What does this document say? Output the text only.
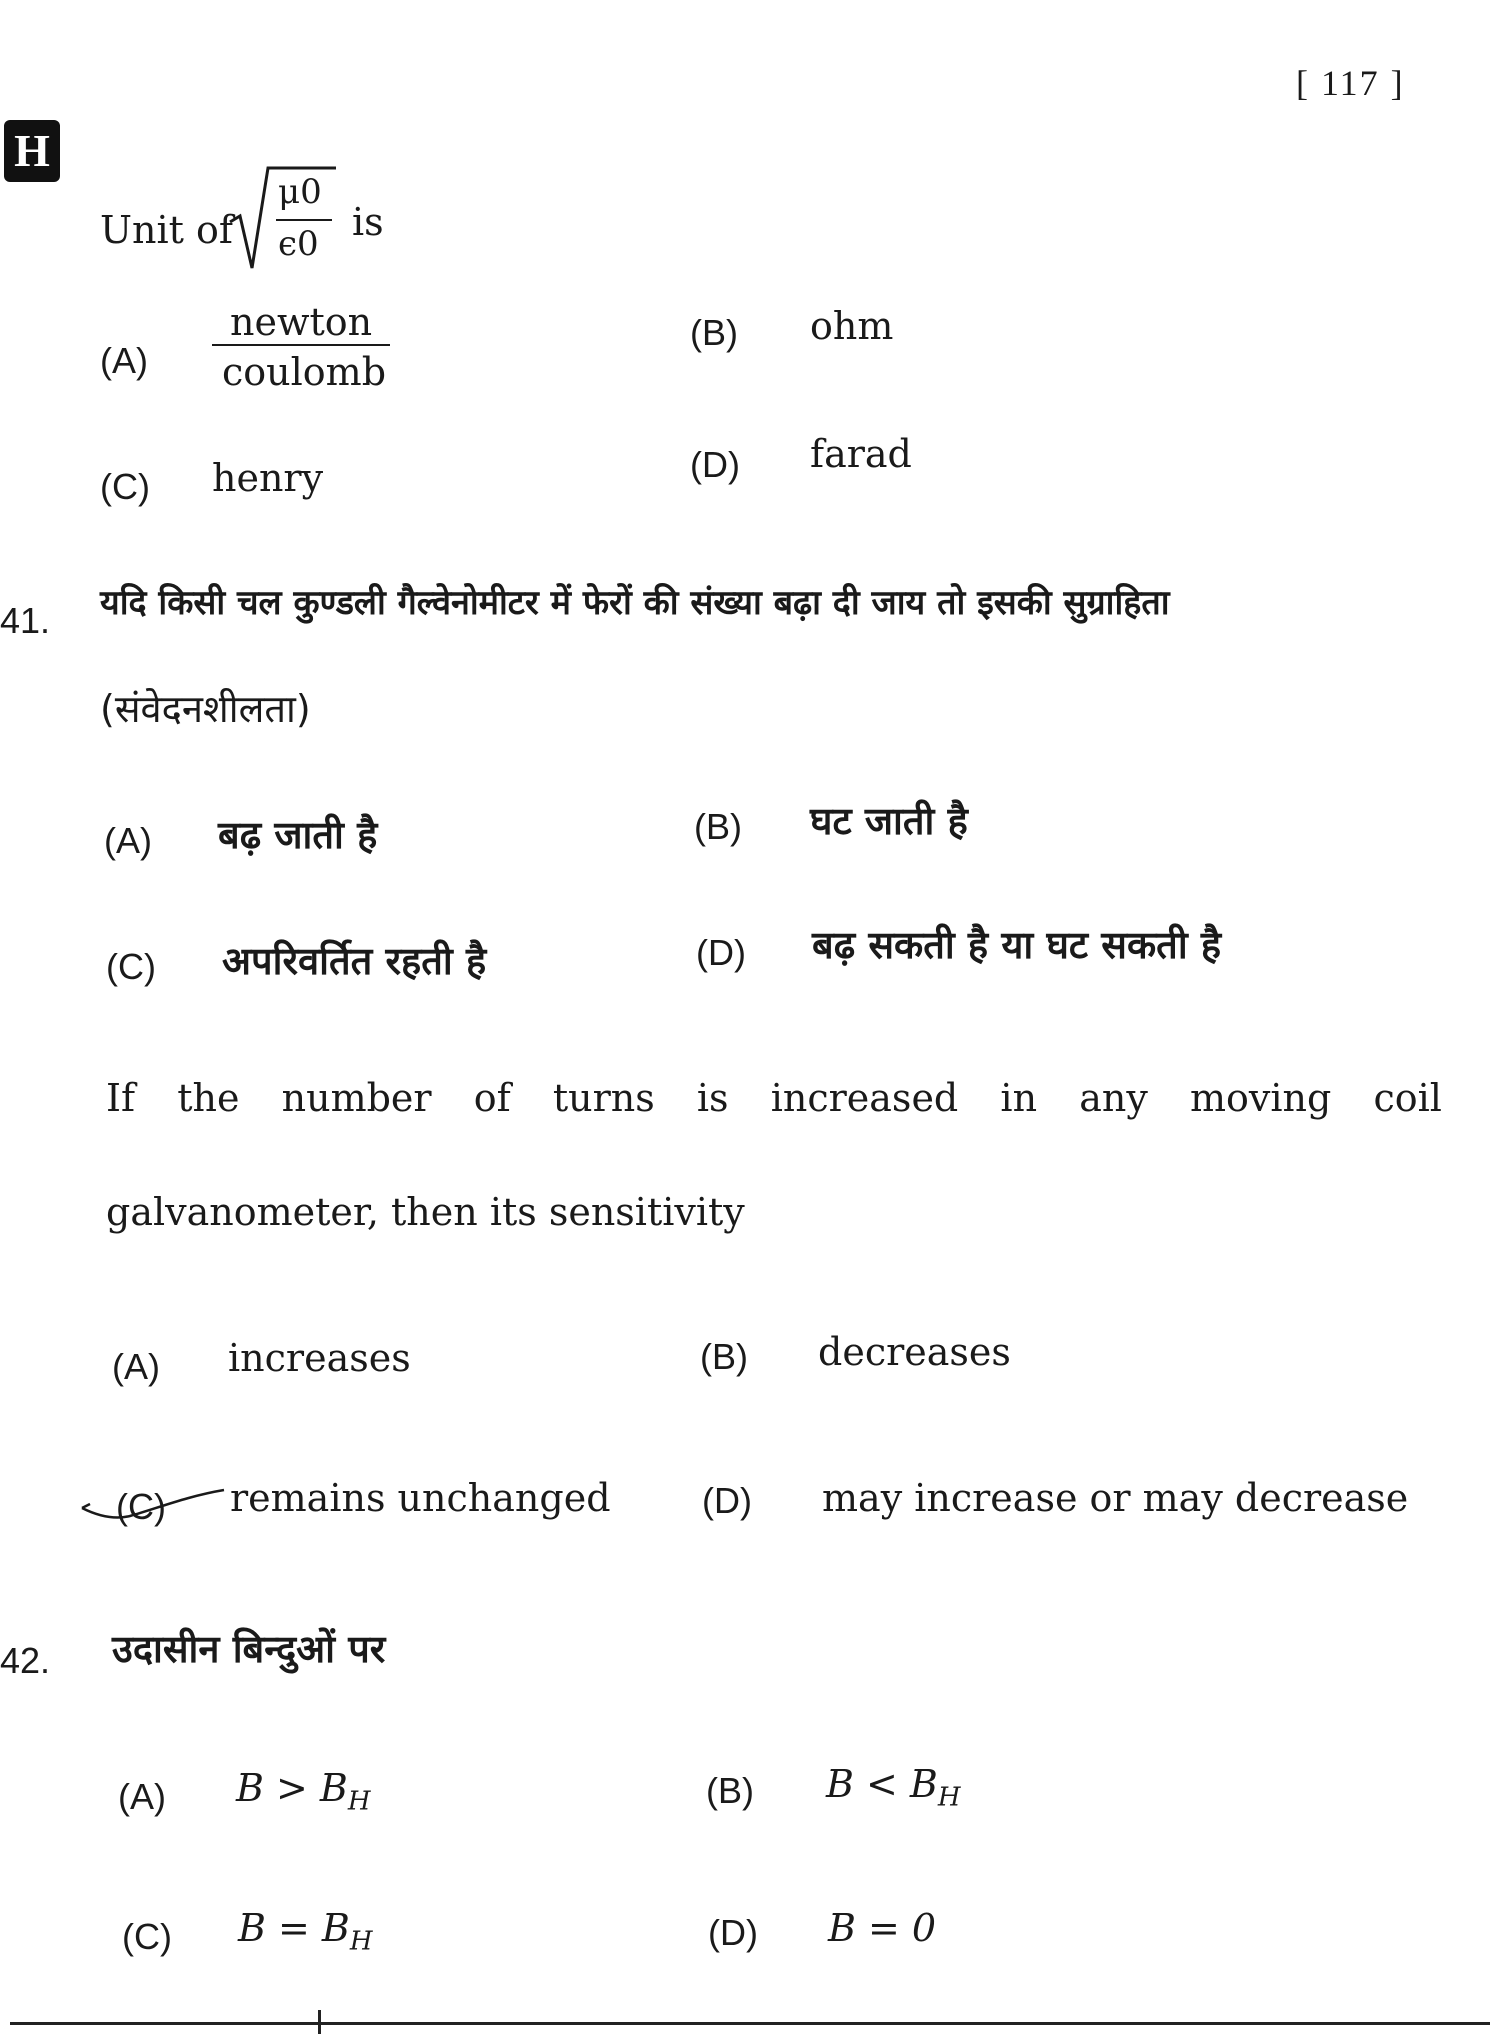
[ 117 ]
H
Unit of
μ0
ϵ0 is
(A)
newton
coulomb
(B) ohm
(C) henry	(D) farad
41. यदि किसी चल कुण्डली गैल्वेनोमीटर में फेरों की संख्या बढ़ा दी जाय तो इसकी सुग्राहिता
(संवेदनशीलता)
(A) बढ़ जाती है	(B) घट जाती है
(C) अपरिवर्तित रहती है	(D) बढ़ सकती है या घट सकती है
If the number of turns is increased in any moving coil
galvanometer, then its sensitivity
(A) increases	(B) decreases
(C) remains unchanged	(D) may increase or may decrease
42. उदासीन बिन्दुओं पर
(A) $B > B_H$	(B) $B < B_H$
(C) $B = B_H$	(D) B = 0
